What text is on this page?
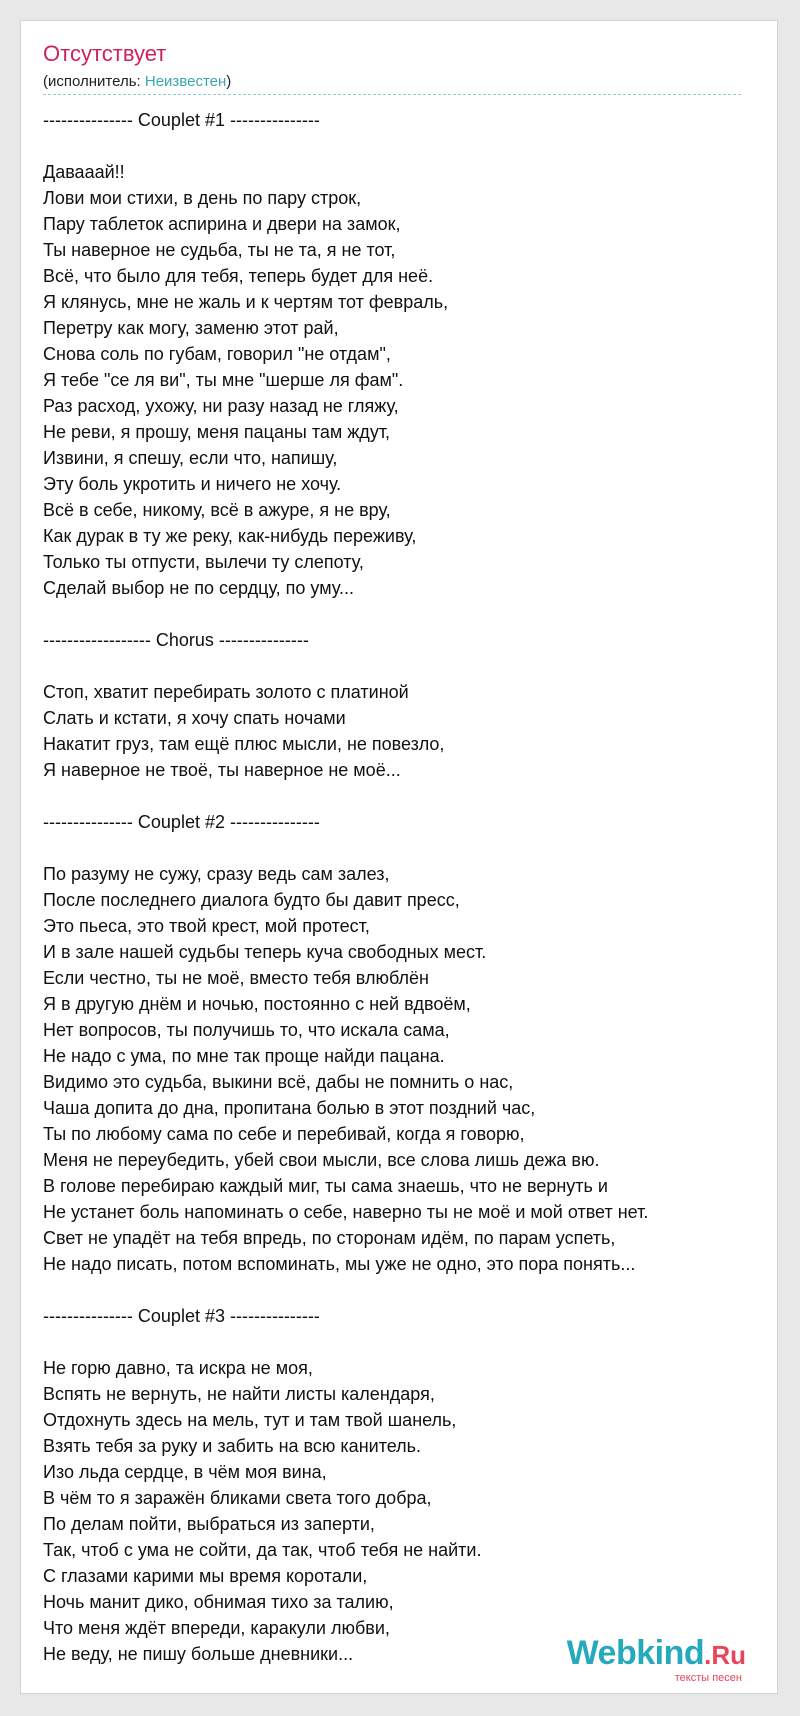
Отсутствует
(исполнитель: Неизвестен)
--------------- Couplet #1 ---------------

Давааай!!
Лови мои стихи, в день по пару строк,
Пару таблеток аспирина и двери на замок,
Ты наверное не судьба, ты не та, я не тот,
Всё, что было для тебя, теперь будет для неё.
Я клянусь, мне не жаль и к чертям тот февраль,
Перетру как могу, заменю этот рай,
Снова соль по губам, говорил "не отдам",
Я тебе "се ля ви", ты мне "шерше ля фам".
Раз расход, ухожу, ни разу назад не гляжу,
Не реви, я прошу, меня пацаны там ждут,
Извини, я спешу, если что, напишу,
Эту боль укротить и ничего не хочу.
Всё в себе, никому, всё в ажуре, я не вру,
Как дурак в ту же реку, как-нибудь переживу,
Только ты отпусти, вылечи ту слепоту,
Сделай выбор не по сердцу, по уму...

------------------ Chorus ---------------

Стоп, хватит перебирать золото с платиной
Слать и кстати, я хочу спать ночами
Накатит груз, там ещё плюс мысли, не повезло,
Я наверное не твоё, ты наверное не моё...

--------------- Couplet #2 ---------------

По разуму не сужу, сразу ведь сам залез,
После последнего диалога будто бы давит пресс,
Это пьеса, это твой крест, мой протест,
И в зале нашей судьбы теперь куча свободных мест.
Если честно, ты не моё, вместо тебя влюблён
Я в другую днём и ночью, постоянно с ней вдвоём,
Нет вопросов, ты получишь то, что искала сама,
Не надо с ума, по мне так проще найди пацана.
Видимо это судьба, выкини всё, дабы не помнить о нас,
Чаша допита до дна, пропитана болью в этот поздний час,
Ты по любому сама по себе и перебивай, когда я говорю,
Меня не переубедить, убей свои мысли, все слова лишь дежа вю.
В голове перебираю каждый миг, ты сама знаешь, что не вернуть и
Не устанет боль напоминать о себе, наверно ты не моё и мой ответ нет.
Свет не упадёт на тебя впредь, по сторонам идём, по парам успеть,
Не надо писать, потом вспоминать, мы уже не одно, это пора понять...

--------------- Couplet #3 ---------------

Не горю давно, та искра не моя,
Вспять не вернуть, не найти листы календаря,
Отдохнуть здесь на мель, тут и там твой шанель,
Взять тебя за руку и забить на всю канитель.
Изо льда сердце, в чём моя вина,
В чём то я заражён бликами света того добра,
По делам пойти, выбраться из заперти,
Так, чтоб с ума не сойти, да так, чтоб тебя не найти.
С глазами карими мы время коротали,
Ночь манит дико, обнимая тихо за талию,
Что меня ждёт впереди, каракули любви,
Не веду, не пишу больше дневники...	Webkind.Ru
тексты песен
